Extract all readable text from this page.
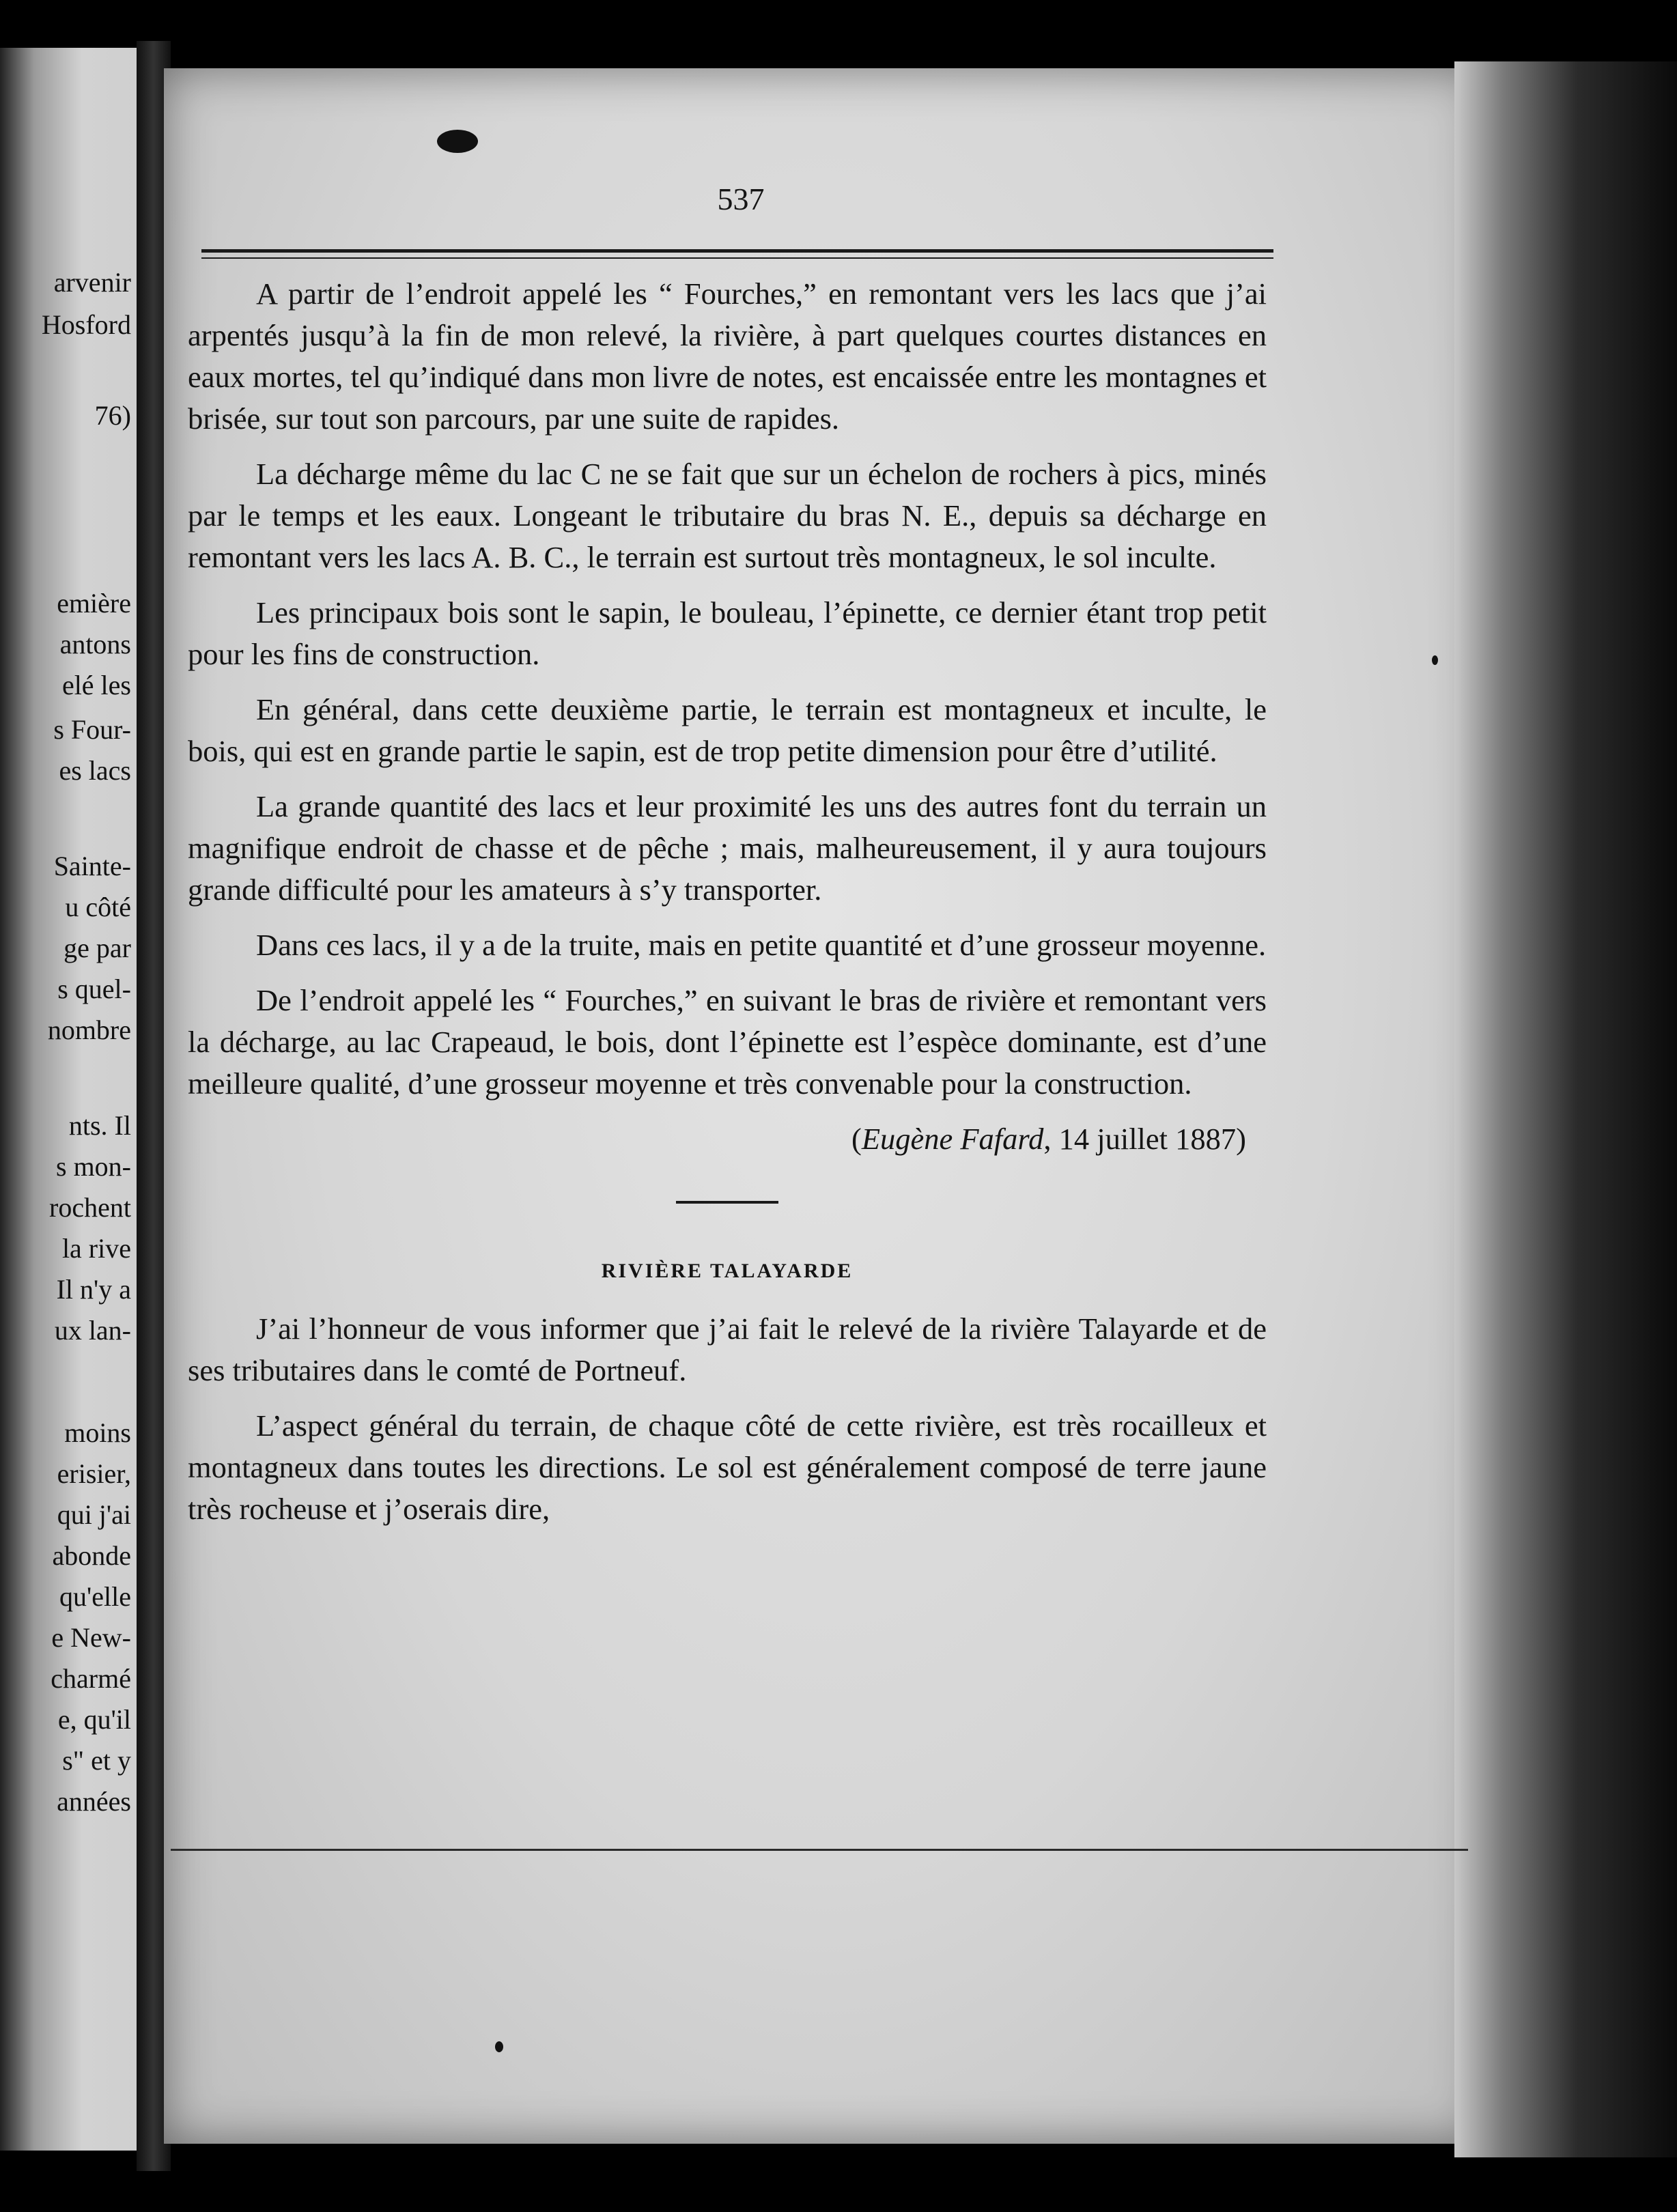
arvenir
Hosford
76)
emière
antons
elé les
s Four-
es lacs
Sainte-
u côté
ge par
s quel-
nombre
nts. Il
s mon-
rochent
la rive
Il n'y a
ux lan-
moins
erisier,
qui j'ai
abonde
qu'elle
e New-
charmé
e, qu'il
s" et y
années
537

A partir de l’endroit appelé les “ Fourches,” en remontant vers les lacs que j’ai arpentés jusqu’à la fin de mon relevé, la rivière, à part quelques courtes distances en eaux mortes, tel qu’indiqué dans mon livre de notes, est encaissée entre les montagnes et brisée, sur tout son parcours, par une suite de rapides.

La décharge même du lac C ne se fait que sur un échelon de rochers à pics, minés par le temps et les eaux. Longeant le tributaire du bras N. E., depuis sa décharge en remontant vers les lacs A. B. C., le terrain est surtout très montagneux, le sol inculte.

Les principaux bois sont le sapin, le bouleau, l’épinette, ce dernier étant trop petit pour les fins de construction.

En général, dans cette deuxième partie, le terrain est montagneux et inculte, le bois, qui est en grande partie le sapin, est de trop petite dimension pour être d’utilité.

La grande quantité des lacs et leur proximité les uns des autres font du terrain un magnifique endroit de chasse et de pêche ; mais, malheureusement, il y aura toujours grande difficulté pour les amateurs à s’y transporter.

Dans ces lacs, il y a de la truite, mais en petite quantité et d’une grosseur moyenne.

De l’endroit appelé les “ Fourches,” en suivant le bras de rivière et remontant vers la décharge, au lac Crapeaud, le bois, dont l’épinette est l’espèce dominante, est d’une meilleure qualité, d’une grosseur moyenne et très convenable pour la construction.

(Eugène Fafard, 14 juillet 1887)

RIVIÈRE TALAYARDE

J’ai l’honneur de vous informer que j’ai fait le relevé de la rivière Talayarde et de ses tributaires dans le comté de Portneuf.

L’aspect général du terrain, de chaque côté de cette rivière, est très rocailleux et montagneux dans toutes les directions. Le sol est généralement composé de terre jaune très rocheuse et j’oserais dire,
